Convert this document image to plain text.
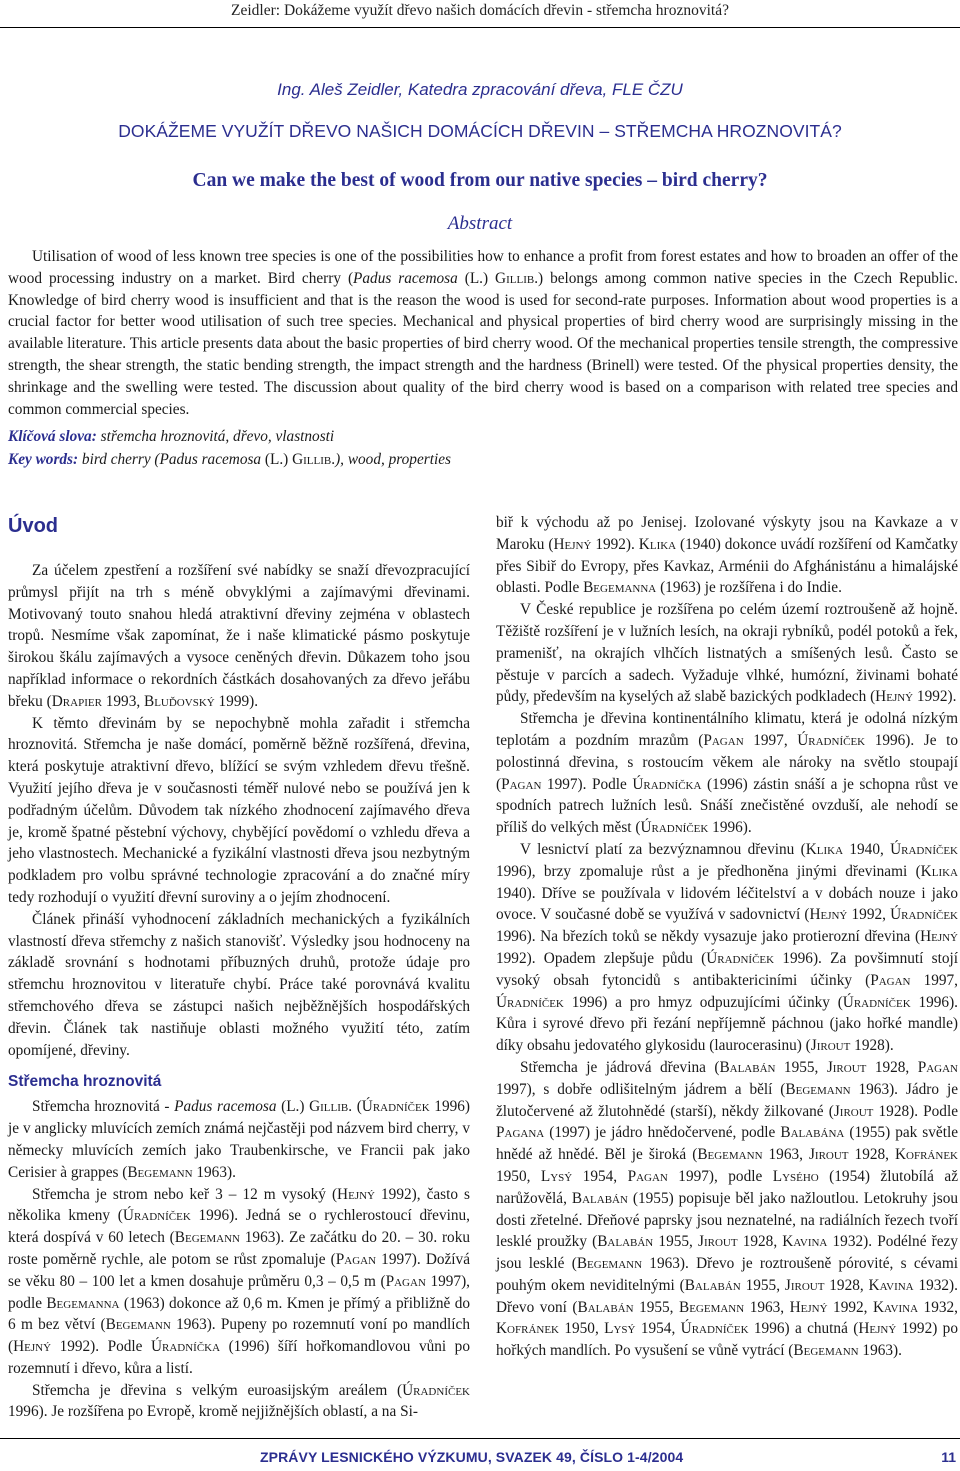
Zeidler: Dokážeme využít dřevo našich domácích dřevin - střemcha hroznovitá?
Ing. Aleš Zeidler, Katedra zpracování dřeva, FLE ČZU
DOKÁŽEME VYUŽÍT DŘEVO NAŠICH DOMÁCÍCH DŘEVIN – STŘEMCHA HROZNOVITÁ?
Can we make the best of wood from our native species – bird cherry?
Abstract

Utilisation of wood of less known tree species is one of the possibilities how to enhance a profit from forest estates and how to broaden an offer of the wood processing industry on a market. Bird cherry (Padus racemosa (L.) Gillib.) belongs among common native species in the Czech Republic. Knowledge of bird cherry wood is insufficient and that is the reason the wood is used for second-rate purposes. Information about wood properties is a crucial factor for better wood utilisation of such tree species. Mechanical and physical properties of bird cherry wood are surprisingly missing in the available literature. This article presents data about the basic properties of bird cherry wood. Of the mechanical properties tensile strength, the compressive strength, the shear strength, the static bending strength, the impact strength and the hardness (Brinell) were tested. Of the physical properties density, the shrinkage and the swelling were tested. The discussion about quality of the bird cherry wood is based on a comparison with related tree species and common commercial species.

Klíčová slova: střemcha hroznovitá, dřevo, vlastnosti

Key words: bird cherry (Padus racemosa (L.) Gillib.), wood, properties

Úvod

Za účelem zpestření a rozšíření své nabídky se snaží dřevozpracující průmysl přijít na trh s méně obvyklými a zajímavými dřevinami. Motivovaný touto snahou hledá atraktivní dřeviny zejména v oblastech tropů. Nesmíme však zapomínat, že i naše klimatické pásmo poskytuje širokou škálu zajímavých a vysoce ceněných dřevin. Důkazem toho jsou například informace o rekordních částkách dosahovaných za dřevo jeřábu břeku (Drapier 1993, Bluďovský 1999).

K těmto dřevinám by se nepochybně mohla zařadit i střemcha hroznovitá. Střemcha je naše domácí, poměrně běžně rozšířená, dřevina, která poskytuje atraktivní dřevo, blížící se svým vzhledem dřevu třešně. Využití jejího dřeva je v současnosti téměř nulové nebo se používá jen k podřadným účelům. Důvodem tak nízkého zhodnocení zajímavého dřeva je, kromě špatné pěstební výchovy, chybějící povědomí o vzhledu dřeva a jeho vlastnostech. Mechanické a fyzikální vlastnosti dřeva jsou nezbytným podkladem pro volbu správné technologie zpracování a do značné míry tedy rozhodují o využití dřevní suroviny a o jejím zhodnocení.

Článek přináší vyhodnocení základních mechanických a fyzikálních vlastností dřeva střemchy z našich stanovišť. Výsledky jsou hodnoceny na základě srovnání s hodnotami příbuzných druhů, protože údaje pro střemchu hroznovitou v literatuře chybí. Práce také porovnává kvalitu střemchového dřeva se zástupci našich nejběžnějších hospodářských dřevin. Článek tak nastiňuje oblasti možného využití této, zatím opomíjené, dřeviny.

Střemcha hroznovitá

Střemcha hroznovitá - Padus racemosa (L.) Gillib. (Úradníček 1996) je v anglicky mluvících zemích známá nejčastěji pod názvem bird cherry, v německy mluvících zemích jako Traubenkirsche, ve Francii pak jako Cerisier à grappes (Begemann 1963).

Střemcha je strom nebo keř 3 – 12 m vysoký (Hejný 1992), často s několika kmeny (Úradníček 1996). Jedná se o rychlerostoucí dřevinu, která dospívá v 60 letech (Begemann 1963). Ze začátku do 20. – 30. roku roste poměrně rychle, ale potom se růst zpomaluje (Pagan 1997). Dožívá se věku 80 – 100 let a kmen dosahuje průměru 0,3 – 0,5 m (Pagan 1997), podle Begemanna (1963) dokonce až 0,6 m. Kmen je přímý a přibližně do 6 m bez větví (Begemann 1963). Pupeny po rozemnutí voní po mandlích (Hejný 1992). Podle Úradníčka (1996) šíří hořkomandlovou vůni po rozemnutí i dřevo, kůra a listí.

Střemcha je dřevina s velkým euroasijským areálem (Úradníček 1996). Je rozšířena po Evropě, kromě nejjižnějších oblastí, a na Si-

biř k východu až po Jenisej. Izolované výskyty jsou na Kavkaze a v Maroku (Hejný 1992). Klika (1940) dokonce uvádí rozšíření od Kamčatky přes Sibiř do Evropy, přes Kavkaz, Arménii do Afghánistánu a himalájské oblasti. Podle Begemanna (1963) je rozšířena i do Indie.

V České republice je rozšířena po celém území roztroušeně až hojně. Těžiště rozšíření je v lužních lesích, na okraji rybníků, podél potoků a řek, pramenišť, na okrajích vlhčích listnatých a smíšených lesů. Často se pěstuje v parcích a sadech. Vyžaduje vlhké, humózní, živinami bohaté půdy, především na kyselých až slabě bazických podkladech (Hejný 1992).

Střemcha je dřevina kontinentálního klimatu, která je odolná nízkým teplotám a pozdním mrazům (Pagan 1997, Úradníček 1996). Je to polostinná dřevina, s rostoucím věkem ale nároky na světlo stoupají (Pagan 1997). Podle Úradníčka (1996) zástin snáší a je schopna růst ve spodních patrech lužních lesů. Snáší znečistěné ovzduší, ale nehodí se příliš do velkých měst (Úradníček 1996).

V lesnictví platí za bezvýznamnou dřevinu (Klika 1940, Úradníček 1996), brzy zpomaluje růst a je předhoněna jinými dřevinami (Klika 1940). Dříve se používala v lidovém léčitelství a v dobách nouze i jako ovoce. V současné době se využívá v sadovnictví (Hejný 1992, Úradníček 1996). Na březích toků se někdy vysazuje jako protierozní dřevina (Hejný 1992). Opadem zlepšuje půdu (Úradníček 1996). Za povšimnutí stojí vysoký obsah fytoncidů s antibaktericiními účinky (Pagan 1997, Úradníček 1996) a pro hmyz odpuzujícími účinky (Úradníček 1996). Kůra i syrové dřevo při řezání nepříjemně páchnou (jako hořké mandle) díky obsahu jedovatého glykosidu (laurocerasinu) (Jirout 1928).

Střemcha je jádrová dřevina (Balabán 1955, Jirout 1928, Pagan 1997), s dobře odlišitelným jádrem a bělí (Begemann 1963). Jádro je žlutočervené až žlutohnědé (starší), někdy žilkované (Jirout 1928). Podle Pagana (1997) je jádro hnědočervené, podle Balabána (1955) pak světle hnědé až hnědé. Běl je široká (Begemann 1963, Jirout 1928, Kofránek 1950, Lysý 1954, Pagan 1997), podle Lysého (1954) žlutobílá až narůžovělá, Balabán (1955) popisuje běl jako nažloutlou. Letokruhy jsou dosti zřetelné. Dřeňové paprsky jsou neznatelné, na radiálních řezech tvoří lesklé proužky (Balabán 1955, Jirout 1928, Kavina 1932). Podélné řezy jsou lesklé (Begemann 1963). Dřevo je roztroušeně pórovité, s cévami pouhým okem neviditelnými (Balabán 1955, Jirout 1928, Kavina 1932). Dřevo voní (Balabán 1955, Begemann 1963, Hejný 1992, Kavina 1932, Kofránek 1950, Lysý 1954, Úradníček 1996) a chutná (Hejný 1992) po hořkých mandlích. Po vysušení se vůně vytrácí (Begemann 1963).

ZPRÁVY LESNICKÉHO VÝZKUMU, SVAZEK 49, ČÍSLO 1-4/2004	11
